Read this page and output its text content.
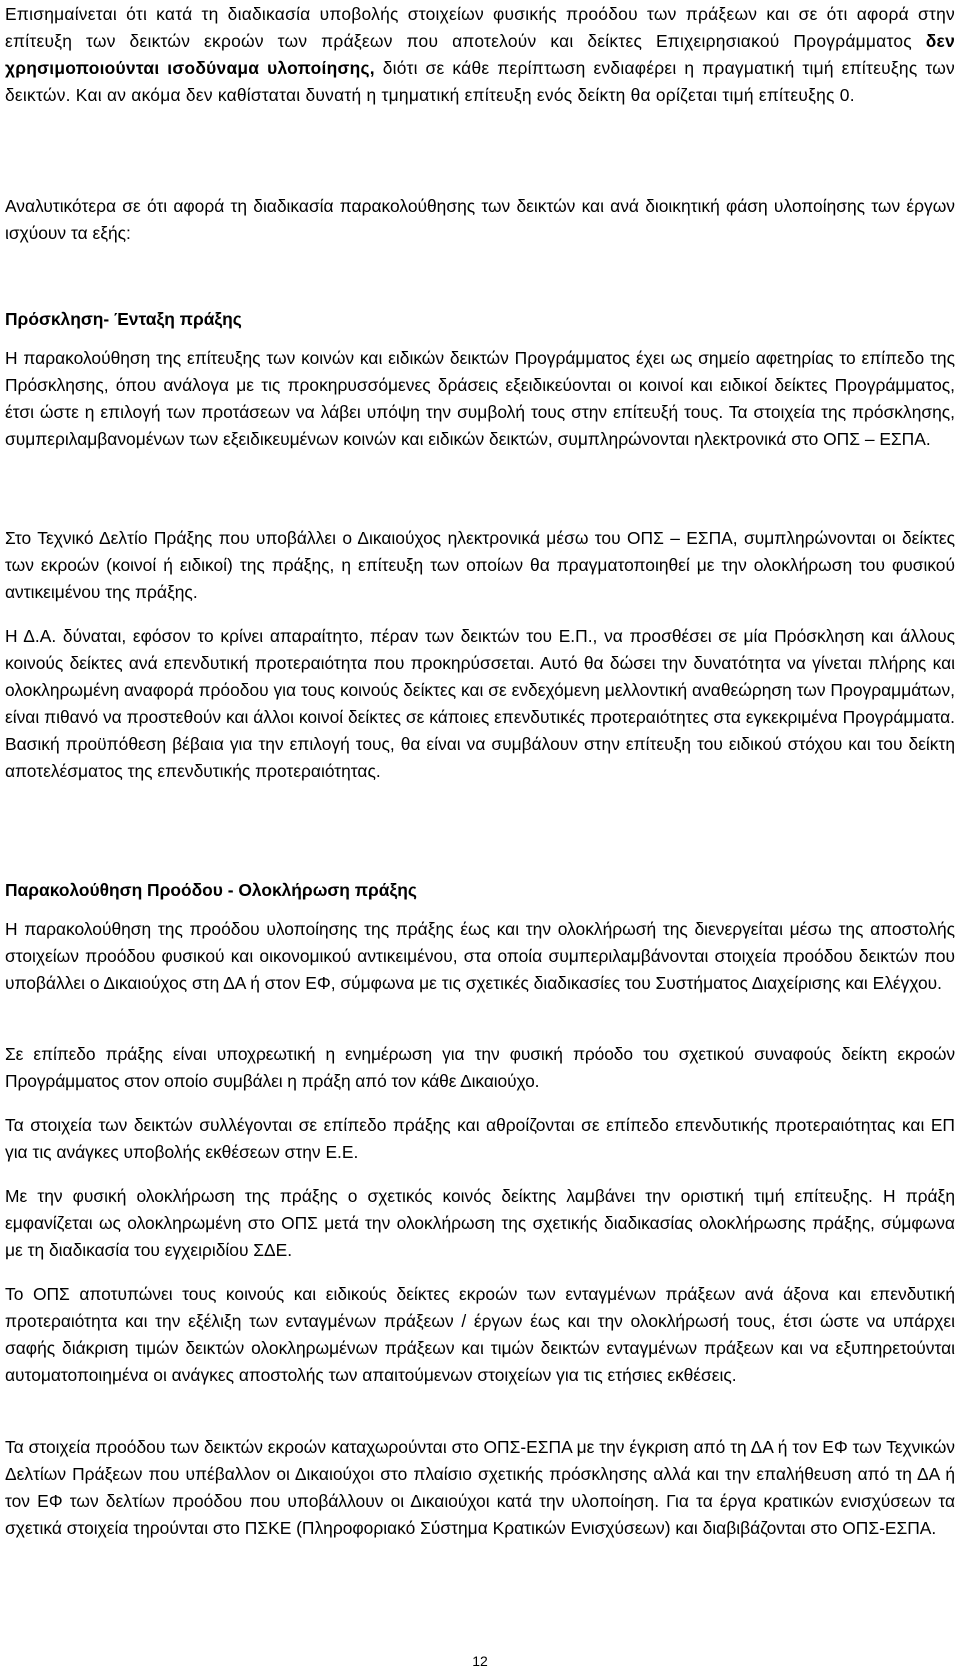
Επισημαίνεται ότι κατά τη διαδικασία υποβολής στοιχείων φυσικής προόδου των πράξεων και σε ότι αφορά στην επίτευξη των δεικτών εκροών των πράξεων που αποτελούν και δείκτες Επιχειρησιακού Προγράμματος δεν χρησιμοποιούνται ισοδύναμα υλοποίησης, διότι σε κάθε περίπτωση ενδιαφέρει η πραγματική τιμή επίτευξης των δεικτών. Και αν ακόμα δεν καθίσταται δυνατή η τμηματική επίτευξη ενός δείκτη θα ορίζεται τιμή επίτευξης 0.

Αναλυτικότερα σε ότι αφορά τη διαδικασία παρακολούθησης των δεικτών και ανά διοικητική φάση υλοποίησης των έργων ισχύουν τα εξής:

Πρόσκληση- Ένταξη πράξης

Η παρακολούθηση της επίτευξης των κοινών και ειδικών δεικτών Προγράμματος έχει ως σημείο αφετηρίας το επίπεδο της Πρόσκλησης, όπου ανάλογα με τις προκηρυσσόμενες δράσεις εξειδικεύονται οι κοινοί και ειδικοί δείκτες Προγράμματος, έτσι ώστε η επιλογή των προτάσεων να λάβει υπόψη την συμβολή τους στην επίτευξή τους. Τα στοιχεία της πρόσκλησης, συμπεριλαμβανομένων των εξειδικευμένων κοινών και ειδικών δεικτών, συμπληρώνονται ηλεκτρονικά στο ΟΠΣ – ΕΣΠΑ.

Στο Τεχνικό Δελτίο Πράξης που υποβάλλει ο Δικαιούχος ηλεκτρονικά μέσω του ΟΠΣ – ΕΣΠΑ, συμπληρώνονται οι δείκτες των εκροών (κοινοί ή ειδικοί) της πράξης, η επίτευξη των οποίων θα πραγματοποιηθεί με την ολοκλήρωση του φυσικού αντικειμένου της πράξης.

Η Δ.Α. δύναται, εφόσον το κρίνει απαραίτητο, πέραν των δεικτών του Ε.Π., να προσθέσει σε μία Πρόσκληση και άλλους κοινούς δείκτες ανά επενδυτική προτεραιότητα που προκηρύσσεται. Αυτό θα δώσει την δυνατότητα να γίνεται πλήρης και ολοκληρωμένη αναφορά πρόοδου για τους κοινούς δείκτες και σε ενδεχόμενη μελλοντική αναθεώρηση των Προγραμμάτων, είναι πιθανό να προστεθούν και άλλοι κοινοί δείκτες σε κάποιες επενδυτικές προτεραιότητες στα εγκεκριμένα Προγράμματα. Βασική προϋπόθεση βέβαια για την επιλογή τους, θα είναι να συμβάλουν στην επίτευξη του ειδικού στόχου και του δείκτη αποτελέσματος της επενδυτικής προτεραιότητας.

Παρακολούθηση Προόδου - Ολοκλήρωση πράξης

Η παρακολούθηση της προόδου υλοποίησης της πράξης έως και την ολοκλήρωσή της διενεργείται μέσω της αποστολής στοιχείων προόδου φυσικού και οικονομικού αντικειμένου, στα οποία συμπεριλαμβάνονται στοιχεία προόδου δεικτών που υποβάλλει ο Δικαιούχος στη ΔΑ ή στον ΕΦ, σύμφωνα με τις σχετικές διαδικασίες του Συστήματος Διαχείρισης και Ελέγχου.

Σε επίπεδο πράξης είναι υποχρεωτική η ενημέρωση για την φυσική πρόοδο του σχετικού συναφούς δείκτη εκροών Προγράμματος στον οποίο συμβάλει η πράξη από τον κάθε Δικαιούχο.

Τα στοιχεία των δεικτών συλλέγονται σε επίπεδο πράξης και αθροίζονται σε επίπεδο επενδυτικής προτεραιότητας και ΕΠ για τις ανάγκες υποβολής εκθέσεων στην Ε.Ε.

Με την φυσική ολοκλήρωση της πράξης ο σχετικός κοινός δείκτης λαμβάνει την οριστική τιμή επίτευξης. Η πράξη εμφανίζεται ως ολοκληρωμένη στο ΟΠΣ μετά την ολοκλήρωση της σχετικής διαδικασίας ολοκλήρωσης πράξης, σύμφωνα με τη διαδικασία του εγχειριδίου ΣΔΕ.

Το ΟΠΣ αποτυπώνει τους κοινούς και ειδικούς δείκτες εκροών των ενταγμένων πράξεων ανά άξονα και επενδυτική προτεραιότητα και την εξέλιξη των ενταγμένων πράξεων / έργων έως και την ολοκλήρωσή τους, έτσι ώστε να υπάρχει σαφής διάκριση τιμών δεικτών ολοκληρωμένων πράξεων και τιμών δεικτών ενταγμένων πράξεων και να εξυπηρετούνται αυτοματοποιημένα οι ανάγκες αποστολής των απαιτούμενων στοιχείων για τις ετήσιες εκθέσεις.

Τα στοιχεία προόδου των δεικτών εκροών καταχωρούνται στο ΟΠΣ-ΕΣΠΑ με την έγκριση από τη ΔΑ ή τον ΕΦ των Τεχνικών Δελτίων Πράξεων που υπέβαλλον οι Δικαιούχοι στο πλαίσιο σχετικής πρόσκλησης αλλά και την επαλήθευση από τη ΔΑ ή τον ΕΦ των δελτίων προόδου που υποβάλλουν οι Δικαιούχοι κατά την υλοποίηση. Για τα έργα κρατικών ενισχύσεων τα σχετικά στοιχεία τηρούνται στο ΠΣΚΕ (Πληροφοριακό Σύστημα Κρατικών Ενισχύσεων) και διαβιβάζονται στο ΟΠΣ-ΕΣΠΑ.

12
